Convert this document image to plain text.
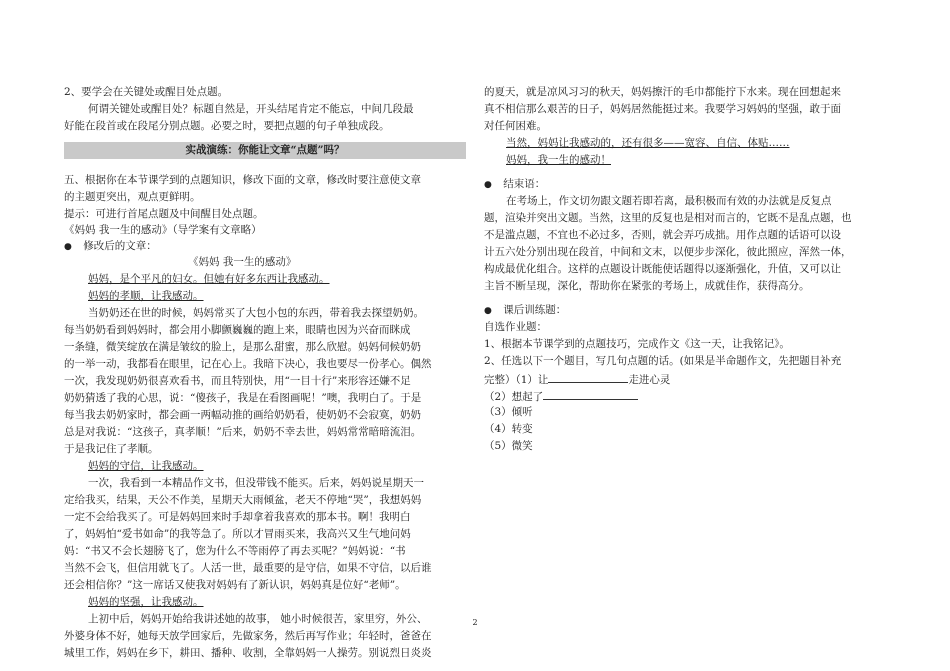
2、要学会在关键处或醒目处点题。
何谓关键处或醒目处？标题自然是，开头结尾肯定不能忘，中间几段最
好能在段首或在段尾分别点题。必要之时，要把点题的句子单独成段。
实战演练：你能让文章“点题”吗？
五、根据你在本节课学到的点题知识，修改下面的文章，修改时要注意使文章
的主题更突出，观点更鲜明。
提示：可进行首尾点题及中间醒目处点题。
《妈妈 我一生的感动》（导学案有文章略）
● 修改后的文章：
《妈妈 我一生的感动》
妈妈，是个平凡的妇女。但她有好多东西让我感动。
妈妈的孝顺，让我感动。
当奶奶还在世的时候，妈妈常买了大包小包的东西，带着我去探望奶奶。
每当奶奶看到妈妈时，都会用小脚颤巍巍的跑上来，眼睛也因为兴奋而眯成
一条缝，微笑绽放在满是皱纹的脸上，是那么甜蜜，那么欣慰。妈妈伺候奶奶
的一举一动，我都看在眼里，记在心上。我暗下决心，我也要尽一份孝心。偶然
一次，我发现奶奶很喜欢看书，而且特别快，用“一目十行”来形容还嫌不足
奶奶猜透了我的心思，说：“傻孩子，我是在看图画呢！”噢，我明白了。于是
每当我去奶奶家时，都会画一两幅动推的画给奶奶看，使奶奶不会寂寞，奶奶
总是对我说：“这孩子，真孝顺！”后来，奶奶不幸去世，妈妈常常暗暗流泪。
于是我记住了孝顺。
妈妈的守信，让我感动。
一次，我看到一本精品作文书，但没带钱不能买。后来，妈妈说星期天一
定给我买，结果，天公不作美，星期天大雨倾盆，老天不停地“哭”，我想妈妈
一定不会给我买了。可是妈妈回来时手却拿着我喜欢的那本书。啊！我明白
了，妈妈怕“爱书如命”的我等急了。所以才冒雨买来，我高兴又生气地问妈
妈：“书又不会长翅膀飞了，您为什么不等雨停了再去买呢？”妈妈说：“书
当然不会飞，但信用就飞了。人活一世，最重要的是守信，如果不守信，以后谁
还会相信你？”这一席话又使我对妈妈有了新认识，妈妈真是位好“老师”。
妈妈的坚强，让我感动。
上初中后，妈妈开始给我讲述她的故事， 她小时候很苦，家里穷，外公、
外婆身体不好，她每天放学回家后，先做家务，然后再写作业；年轻时，爸爸在
城里工作，妈妈在乡下，耕田、播种、收割，全靠妈妈一人操劳。别说烈日炎炎
的夏天，就是凉风习习的秋天，妈妈擦汗的毛巾都能拧下水来。现在回想起来
真不相信那么艰苦的日子，妈妈居然能挺过来。我要学习妈妈的坚强，敢于面
对任何困难。
当然，妈妈让我感动的，还有很多——宽容、自信、体贴……
妈妈，我一生的感动！
● 结束语：
在考场上，作文切勿跟文题若即若离，最积极而有效的办法就是反复点
题，渲染并突出文题。当然，这里的反复也是相对而言的，它既不是乱点题，也
不是滥点题，不宜也不必过多，否则，就会弄巧成拙。用作点题的话语可以设
计五六处分别出现在段首，中间和文末，以便步步深化，彼此照应，浑然一体，
构成最优化组合。这样的点题设计既能使话题得以逐渐强化，升值，又可以让
主旨不断呈现，深化，帮助你在紧张的考场上，成就佳作，获得高分。
● 课后训练题：
自选作业题：
1、根据本节课学到的点题技巧，完成作文《这一天，让我铭记》。
2、任选以下一个题目，写几句点题的话。(如果是半命题作文，先把题目补充
完整）（1）让	走进心灵
（2）想起了
（3）倾听
（4）转变
（5）微笑
2
